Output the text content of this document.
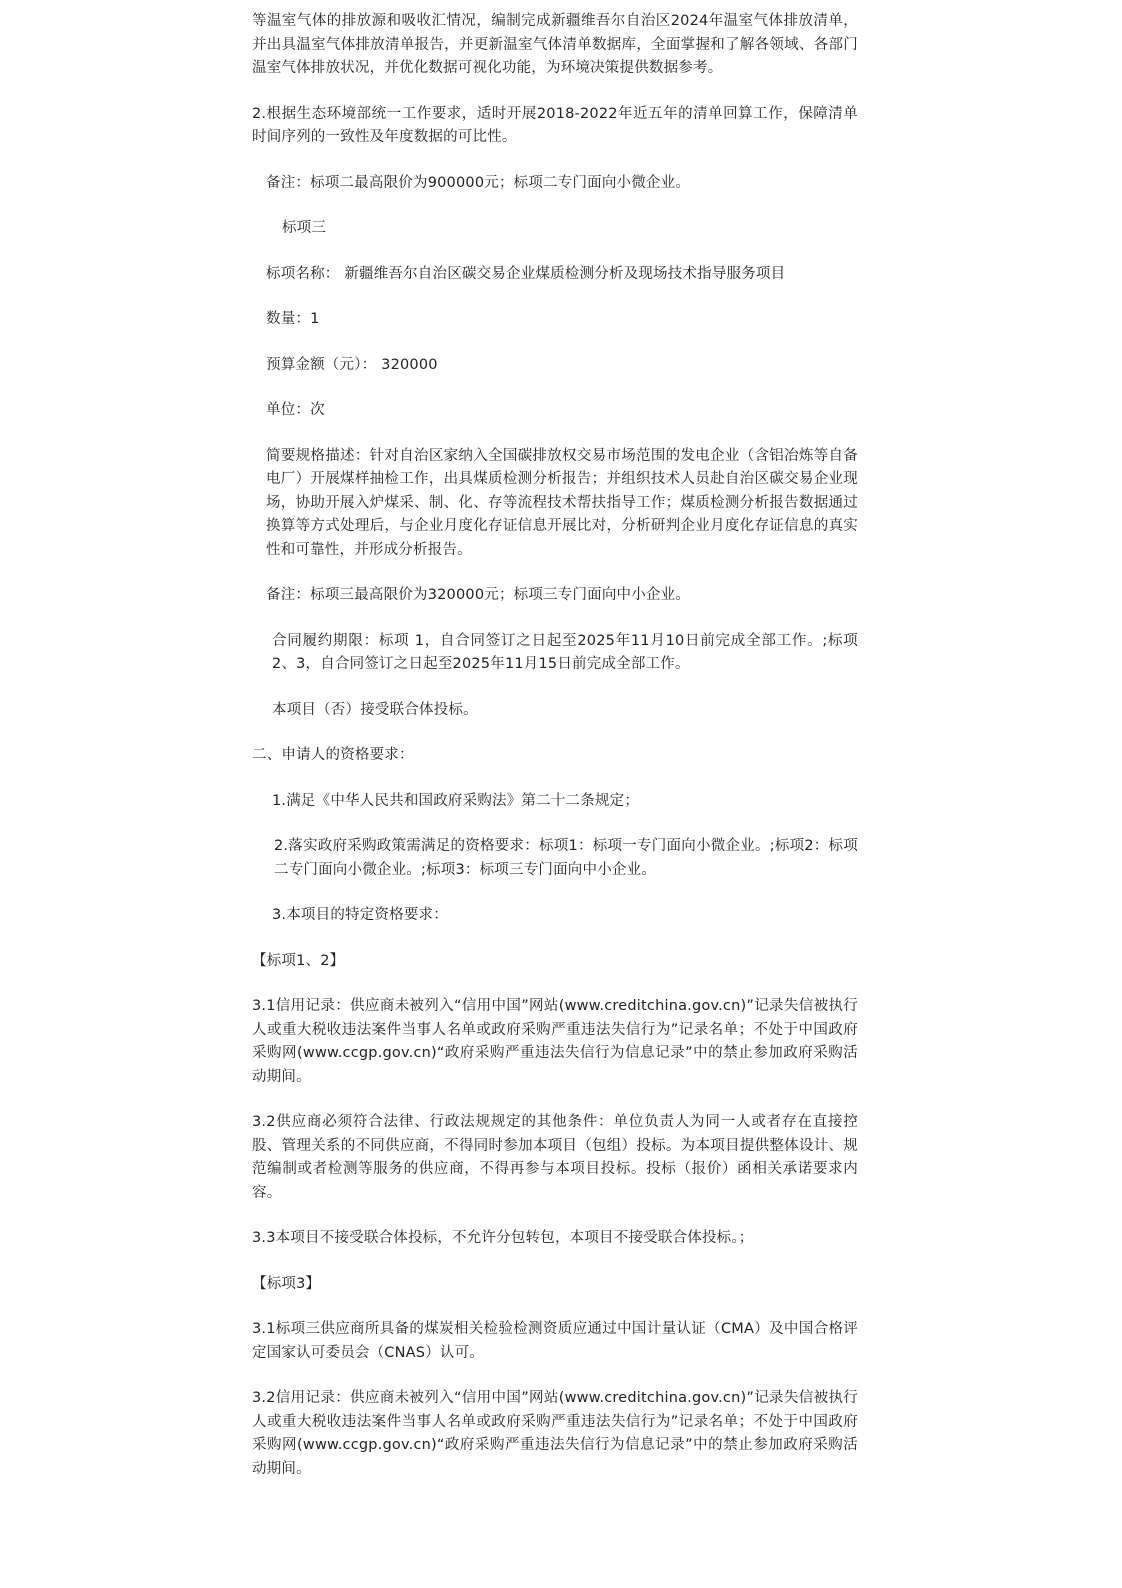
等温室气体的排放源和吸收汇情况，编制完成新疆维吾尔自治区2024年温室气体排放清单，并出具温室气体排放清单报告，并更新温室气体清单数据库，全面掌握和了解各领域、各部门温室气体排放状况，并优化数据可视化功能，为环境决策提供数据参考。

2.根据生态环境部统一工作要求，适时开展2018-2022年近五年的清单回算工作，保障清单时间序列的一致性及年度数据的可比性。

备注：标项二最高限价为900000元；标项二专门面向小微企业。

标项三

标项名称： 新疆维吾尔自治区碳交易企业煤质检测分析及现场技术指导服务项目

数量：1

预算金额（元）： 320000

单位：次

简要规格描述：针对自治区家纳入全国碳排放权交易市场范围的发电企业（含铝冶炼等自备电厂）开展煤样抽检工作，出具煤质检测分析报告；并组织技术人员赴自治区碳交易企业现场，协助开展入炉煤采、制、化、存等流程技术帮扶指导工作；煤质检测分析报告数据通过换算等方式处理后，与企业月度化存证信息开展比对，分析研判企业月度化存证信息的真实性和可靠性，并形成分析报告。

备注：标项三最高限价为320000元；标项三专门面向中小企业。

合同履约期限：标项 1，自合同签订之日起至2025年11月10日前完成全部工作。;标项 2、3，自合同签订之日起至2025年11月15日前完成全部工作。

本项目（否）接受联合体投标。

二、申请人的资格要求：

1.满足《中华人民共和国政府采购法》第二十二条规定；

2.落实政府采购政策需满足的资格要求：标项1：标项一专门面向小微企业。;标项2：标项二专门面向小微企业。;标项3：标项三专门面向中小企业。

3.本项目的特定资格要求：

【标项1、2】

3.1信用记录：供应商未被列入“信用中国”网站(www.creditchina.gov.cn)”记录失信被执行人或重大税收违法案件当事人名单或政府采购严重违法失信行为”记录名单；不处于中国政府采购网(www.ccgp.gov.cn)“政府采购严重违法失信行为信息记录”中的禁止参加政府采购活动期间。

3.2供应商必须符合法律、行政法规规定的其他条件：单位负责人为同一人或者存在直接控股、管理关系的不同供应商，不得同时参加本项目（包组）投标。为本项目提供整体设计、规范编制或者检测等服务的供应商，不得再参与本项目投标。投标（报价）函相关承诺要求内容。

3.3本项目不接受联合体投标，不允许分包转包，本项目不接受联合体投标。；

【标项3】

3.1标项三供应商所具备的煤炭相关检验检测资质应通过中国计量认证（CMA）及中国合格评定国家认可委员会（CNAS）认可。

3.2信用记录：供应商未被列入“信用中国”网站(www.creditchina.gov.cn)”记录失信被执行人或重大税收违法案件当事人名单或政府采购严重违法失信行为”记录名单；不处于中国政府采购网(www.ccgp.gov.cn)“政府采购严重违法失信行为信息记录”中的禁止参加政府采购活动期间。
